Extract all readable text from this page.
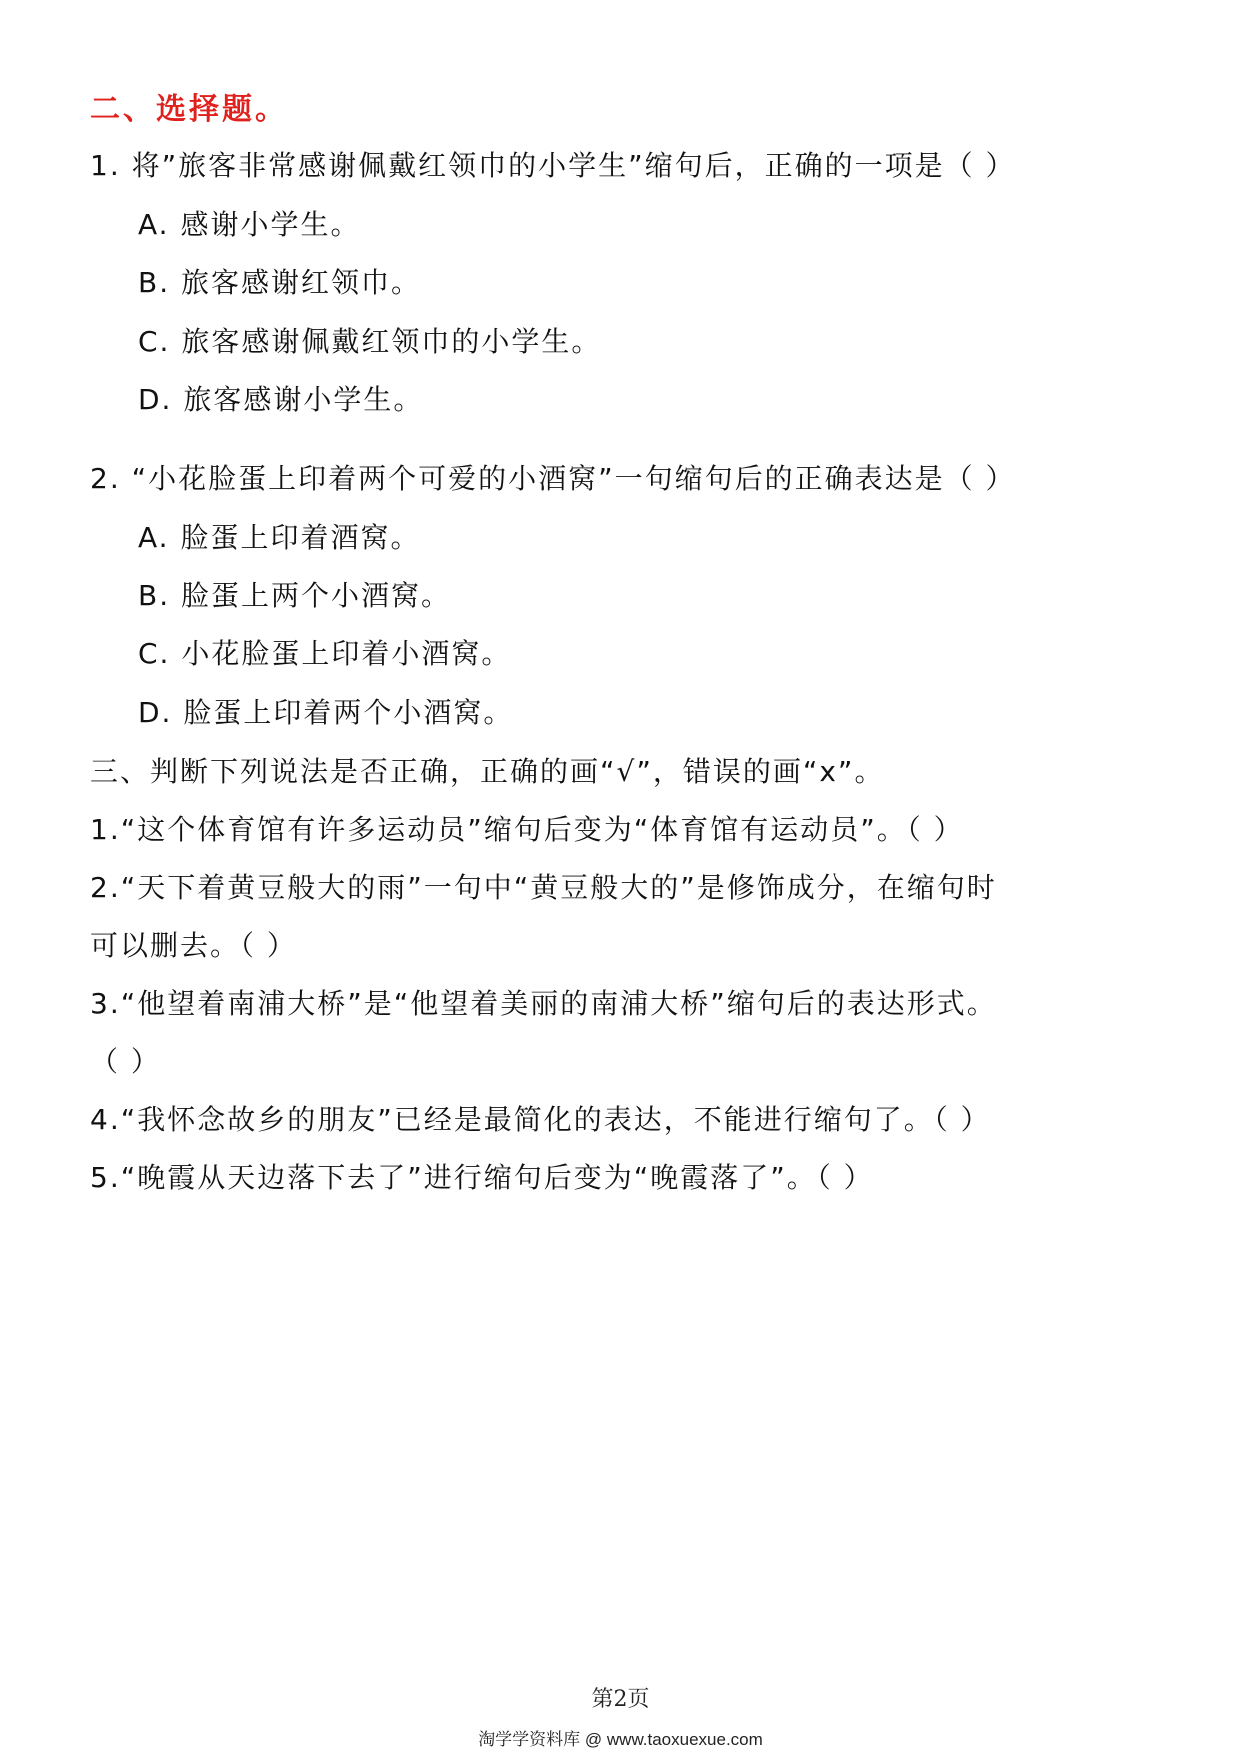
二、选择题。
1. 将”旅客非常感谢佩戴红领巾的小学生”缩句后，正确的一项是（ ）
A. 感谢小学生。
B. 旅客感谢红领巾。
C. 旅客感谢佩戴红领巾的小学生。
D. 旅客感谢小学生。
2. “小花脸蛋上印着两个可爱的小酒窝”一句缩句后的正确表达是（ ）
A. 脸蛋上印着酒窝。
B. 脸蛋上两个小酒窝。
C. 小花脸蛋上印着小酒窝。
D. 脸蛋上印着两个小酒窝。
三、判断下列说法是否正确，正确的画“√”，错误的画“x”。
1.“这个体育馆有许多运动员”缩句后变为“体育馆有运动员”。（ ）
2.“天下着黄豆般大的雨”一句中“黄豆般大的”是修饰成分，在缩句时
可以删去。（ ）
3.“他望着南浦大桥”是“他望着美丽的南浦大桥”缩句后的表达形式。
（ ）
4.“我怀念故乡的朋友”已经是最简化的表达，不能进行缩句了。（ ）
5.“晚霞从天边落下去了”进行缩句后变为“晚霞落了”。（ ）
第2页
淘学学资料库 @ www.taoxuexue.com
